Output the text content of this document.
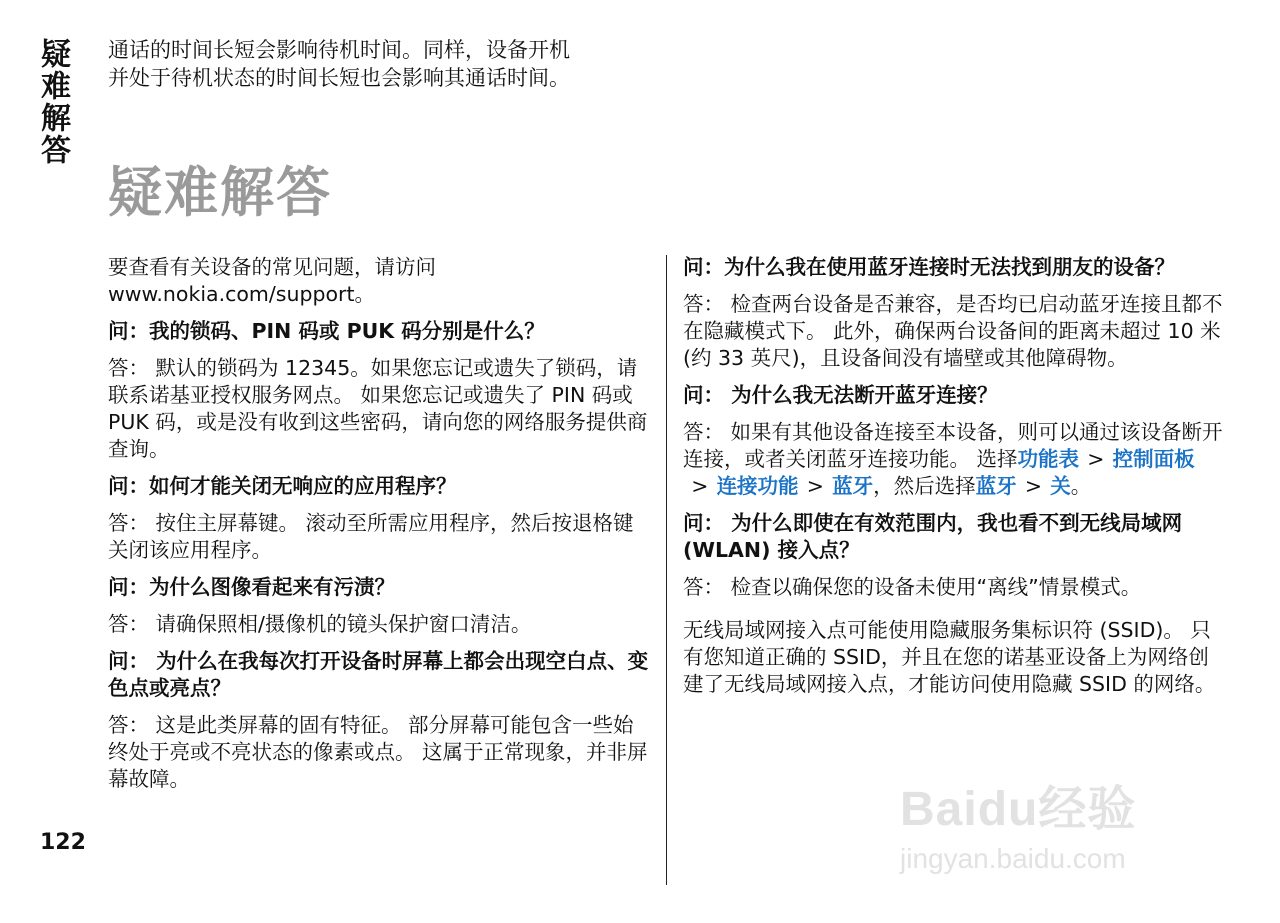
疑难解答 通话的时间长短会影响待机时间。同样，设备开机
并处于待机状态的时间长短也会影响其通话时间。
疑难解答

要查看有关设备的常见问题，请访问 www.nokia.com/support。

问：我的锁码、PIN 码或 PUK 码分别是什么？

答： 默认的锁码为 12345。如果您忘记或遗失了锁码，请联系诺基亚授权服务网点。 如果您忘记或遗失了 PIN 码或 PUK 码，或是没有收到这些密码，请向您的网络服务提供商查询。

问：如何才能关闭无响应的应用程序？

答： 按住主屏幕键。 滚动至所需应用程序，然后按退格键关闭该应用程序。

问：为什么图像看起来有污渍？

答： 请确保照相/摄像机的镜头保护窗口清洁。

问： 为什么在我每次打开设备时屏幕上都会出现空白点、变色点或亮点？

答： 这是此类屏幕的固有特征。 部分屏幕可能包含一些始终处于亮或不亮状态的像素或点。 这属于正常现象，并非屏幕故障。

问：为什么我在使用蓝牙连接时无法找到朋友的设备？

答： 检查两台设备是否兼容，是否均已启动蓝牙连接且都不在隐藏模式下。 此外，确保两台设备间的距离未超过 10 米 (约 33 英尺)，且设备间没有墙壁或其他障碍物。

问： 为什么我无法断开蓝牙连接？

答： 如果有其他设备连接至本设备，则可以通过该设备断开连接，或者关闭蓝牙连接功能。 选择功能表 > 控制面板> 连接功能 > 蓝牙，然后选择蓝牙 > 关。

问： 为什么即使在有效范围内，我也看不到无线局域网 (WLAN) 接入点？

答： 检查以确保您的设备未使用“离线”情景模式。

无线局域网接入点可能使用隐藏服务集标识符 (SSID)。 只有您知道正确的 SSID，并且在您的诺基亚设备上为网络创建了无线局域网接入点，才能访问使用隐藏 SSID 的网络。

122
Baidu经验
jingyan.baidu.com
